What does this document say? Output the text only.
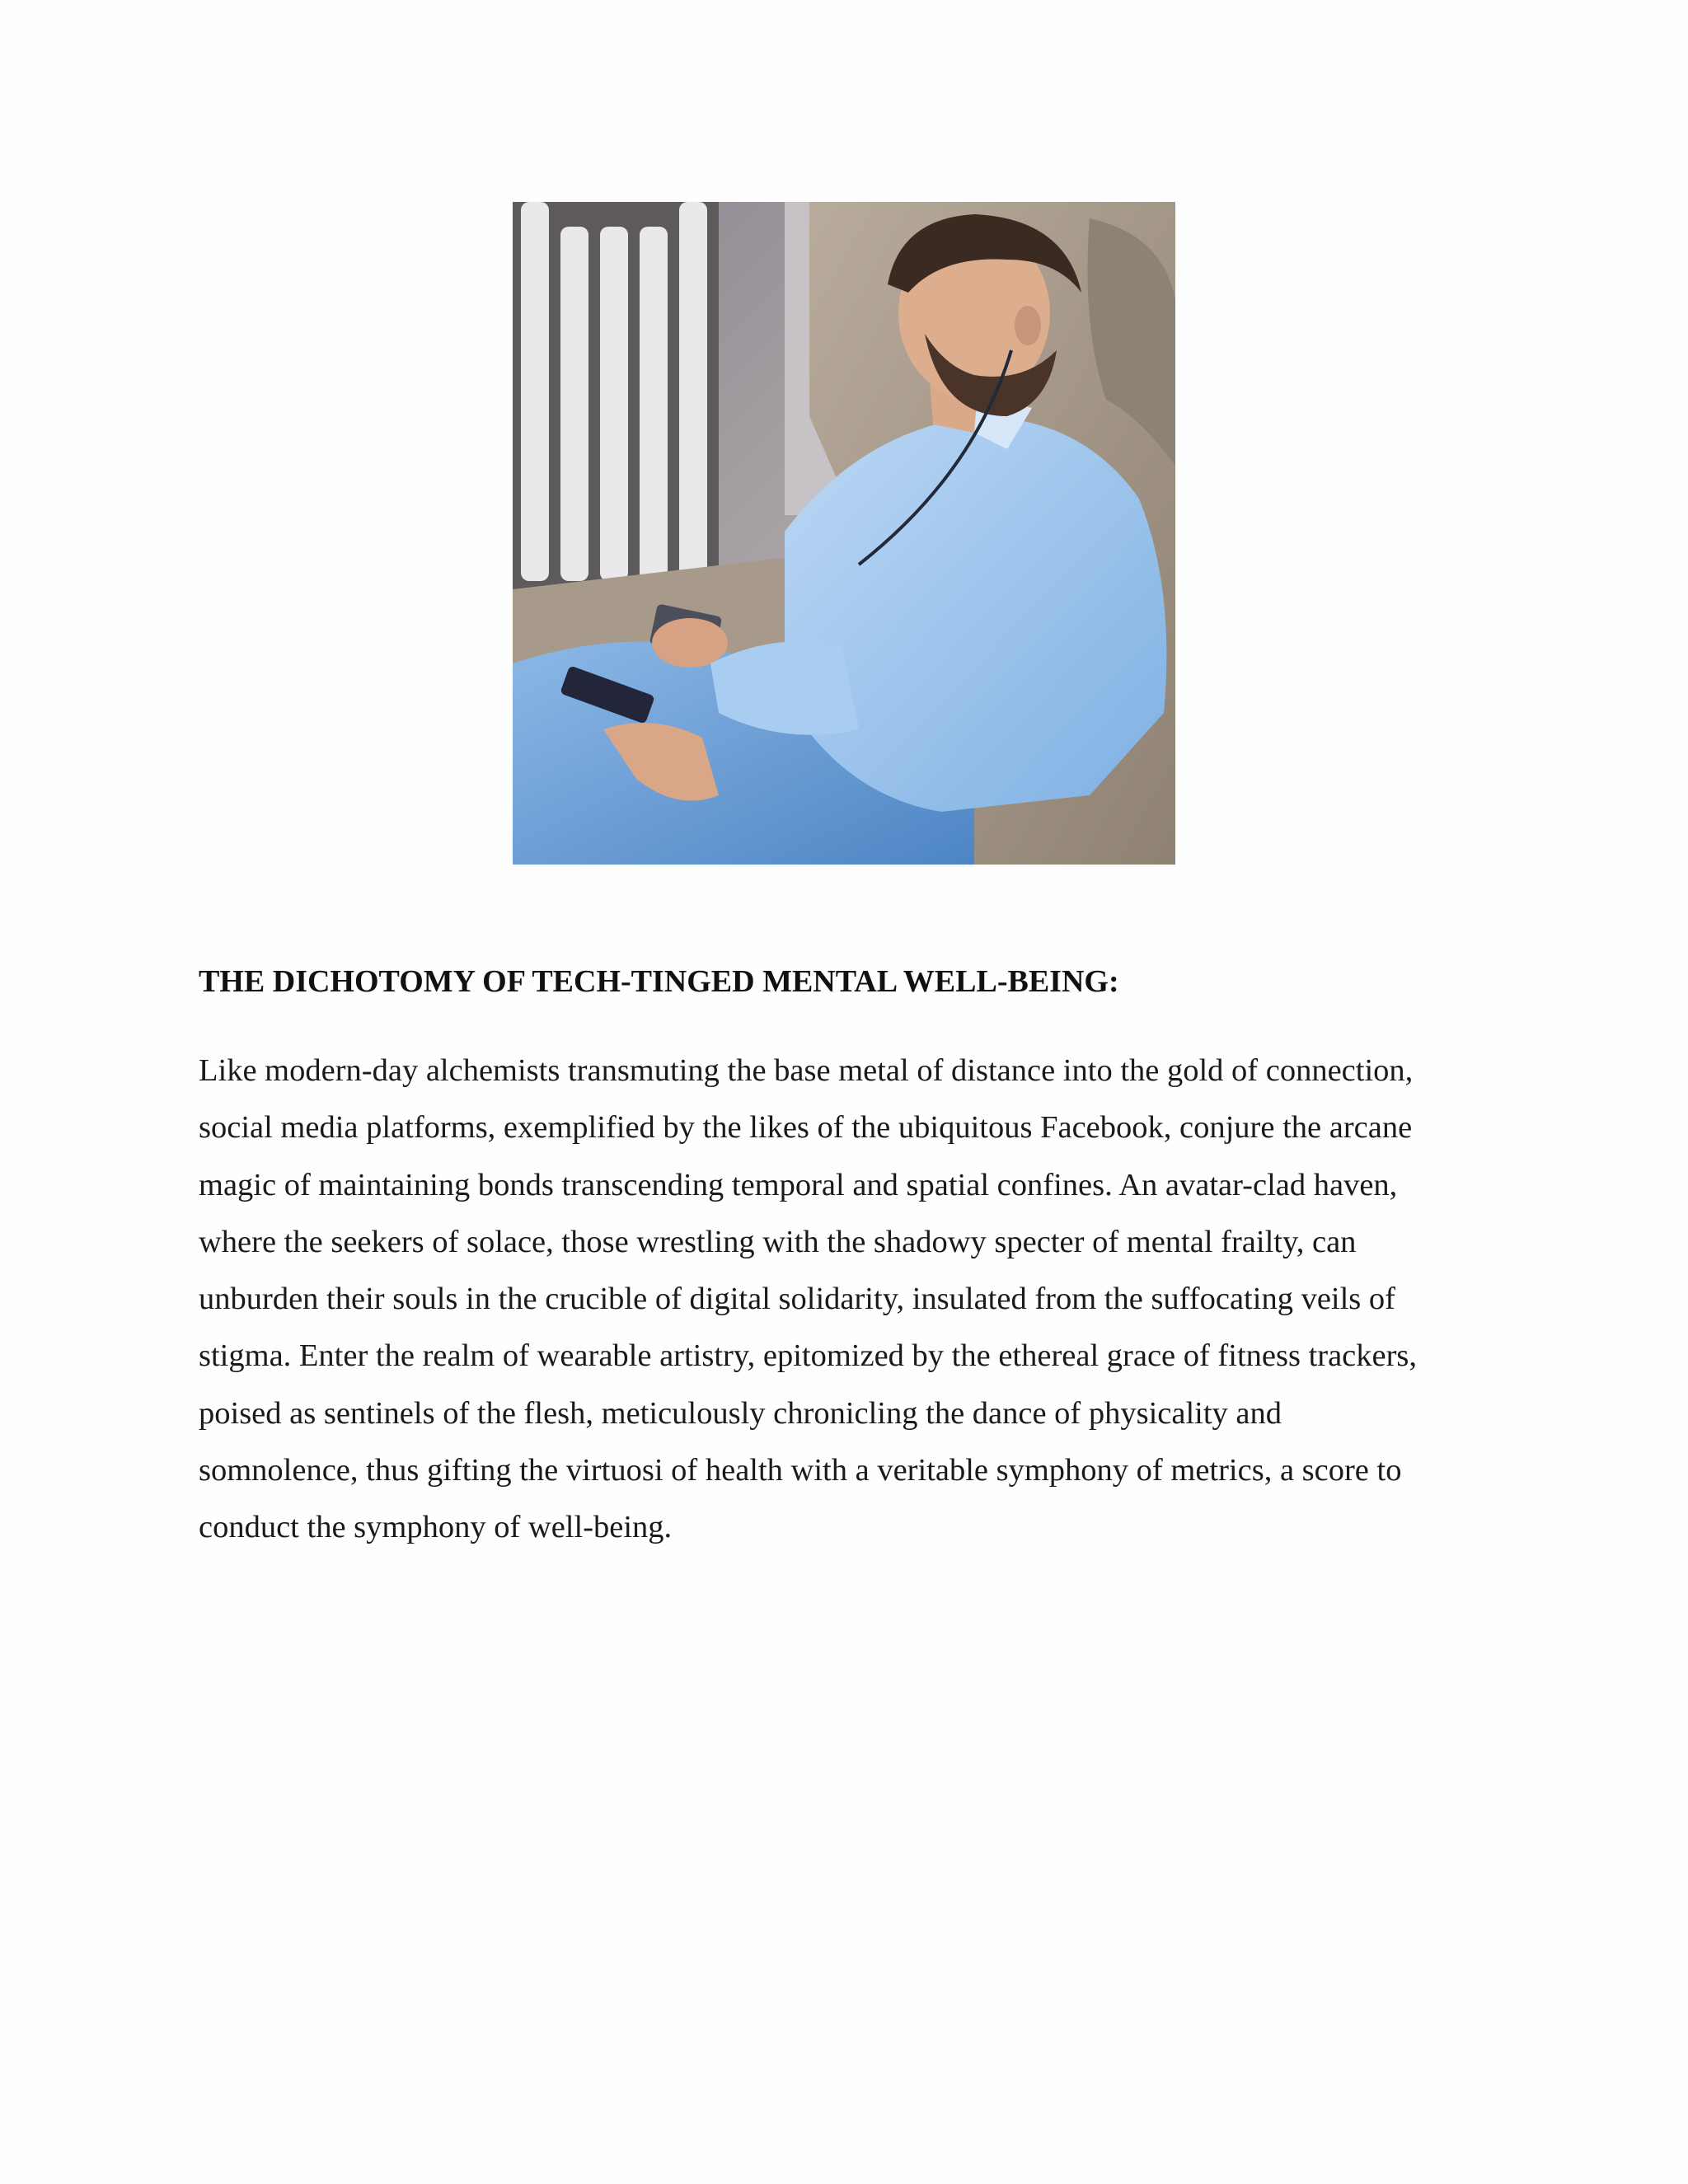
THE DICHOTOMY OF TECH-TINGED MENTAL WELL-BEING:

Like modern-day alchemists transmuting the base metal of distance into the gold of connection,
social media platforms, exemplified by the likes of the ubiquitous Facebook, conjure the arcane
magic of maintaining bonds transcending temporal and spatial confines. An avatar-clad haven,
where the seekers of solace, those wrestling with the shadowy specter of mental frailty, can
unburden their souls in the crucible of digital solidarity, insulated from the suffocating veils of
stigma. Enter the realm of wearable artistry, epitomized by the ethereal grace of fitness trackers,
poised as sentinels of the flesh, meticulously chronicling the dance of physicality and
somnolence, thus gifting the virtuosi of health with a veritable symphony of metrics, a score to
conduct the symphony of well-being.
